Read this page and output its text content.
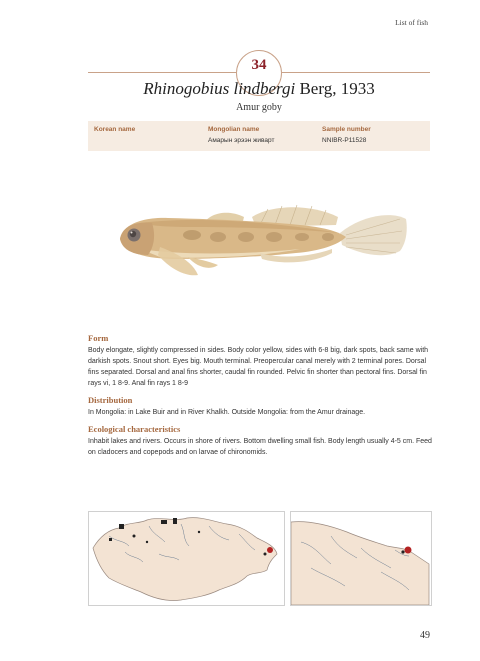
List of fish
34
Rhinogobius lindbergi Berg, 1933
Amur goby
Korean name	Mongolian name
Амарын эрээн живарт
Sample number
NNIBR-P11528
Form
Body elongate, slightly compressed in sides. Body color yellow, sides with 6-8 big, dark spots, back same with darkish spots. Snout short. Eyes big. Mouth terminal. Preopercular canal merely with 2 terminal pores. Dorsal fins separated. Dorsal and anal fins shorter, caudal fin rounded. Pelvic fin shorter than pectoral fins. Dorsal fin rays vi, 1 8-9. Anal fin rays 1 8-9
Distribution
In Mongolia: in Lake Buir and in River Khalkh. Outside Mongolia: from the Amur drainage.
Ecological characteristics
Inhabit lakes and rivers. Occurs in shore of rivers. Bottom dwelling small fish. Body length usually 4-5 cm. Feed on cladocers and copepods and on larvae of chironomids.
49
